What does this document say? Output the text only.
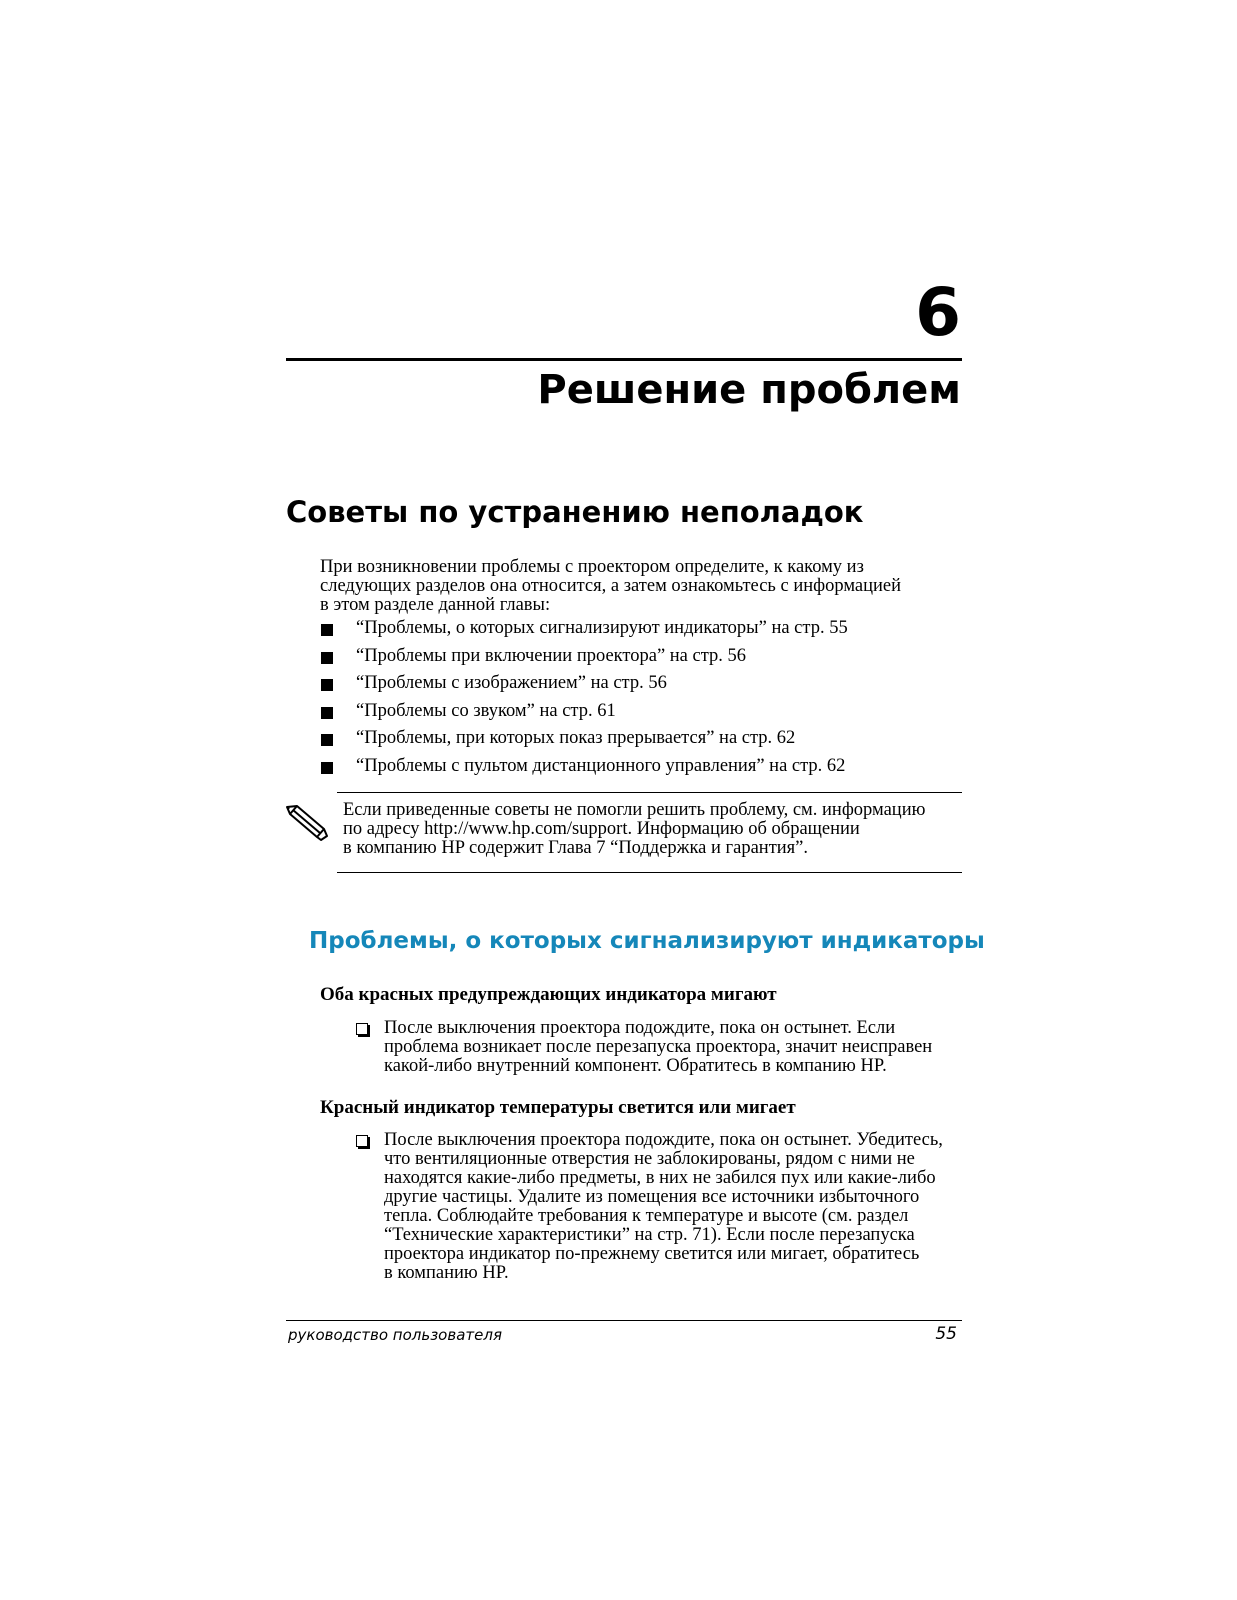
6
Решение проблем
Советы по устранению неполадок

При возникновении проблемы с проектором определите, к какому из
следующих разделов она относится, а затем ознакомьтесь с информацией
в этом разделе данной главы:

“Проблемы, о которых сигнализируют индикаторы” на стр. 55
“Проблемы при включении проектора” на стр. 56
“Проблемы с изображением” на стр. 56
“Проблемы со звуком” на стр. 61
“Проблемы, при которых показ прерывается” на стр. 62
“Проблемы с пультом дистанционного управления” на стр. 62

Если приведенные советы не помогли решить проблему, см. информацию
по адресу http://www.hp.com/support. Информацию об обращении
в компанию HP содержит Глава 7 “Поддержка и гарантия”.

Проблемы, о которых сигнализируют индикаторы
Оба красных предупреждающих индикатора мигают

После выключения проектора подождите, пока он остынет. Если
проблема возникает после перезапуска проектора, значит неисправен
какой-либо внутренний компонент. Обратитесь в компанию HP.

Красный индикатор температуры светится или мигает

После выключения проектора подождите, пока он остынет. Убедитесь,
что вентиляционные отверстия не заблокированы, рядом с ними не
находятся какие-либо предметы, в них не забился пух или какие-либо
другие частицы. Удалите из помещения все источники избыточного
тепла. Соблюдайте требования к температуре и высоте (см. раздел
“Технические характеристики” на стр. 71). Если после перезапуска
проектора индикатор по-прежнему светится или мигает, обратитесь
в компанию HP.

руководство пользователя	55
